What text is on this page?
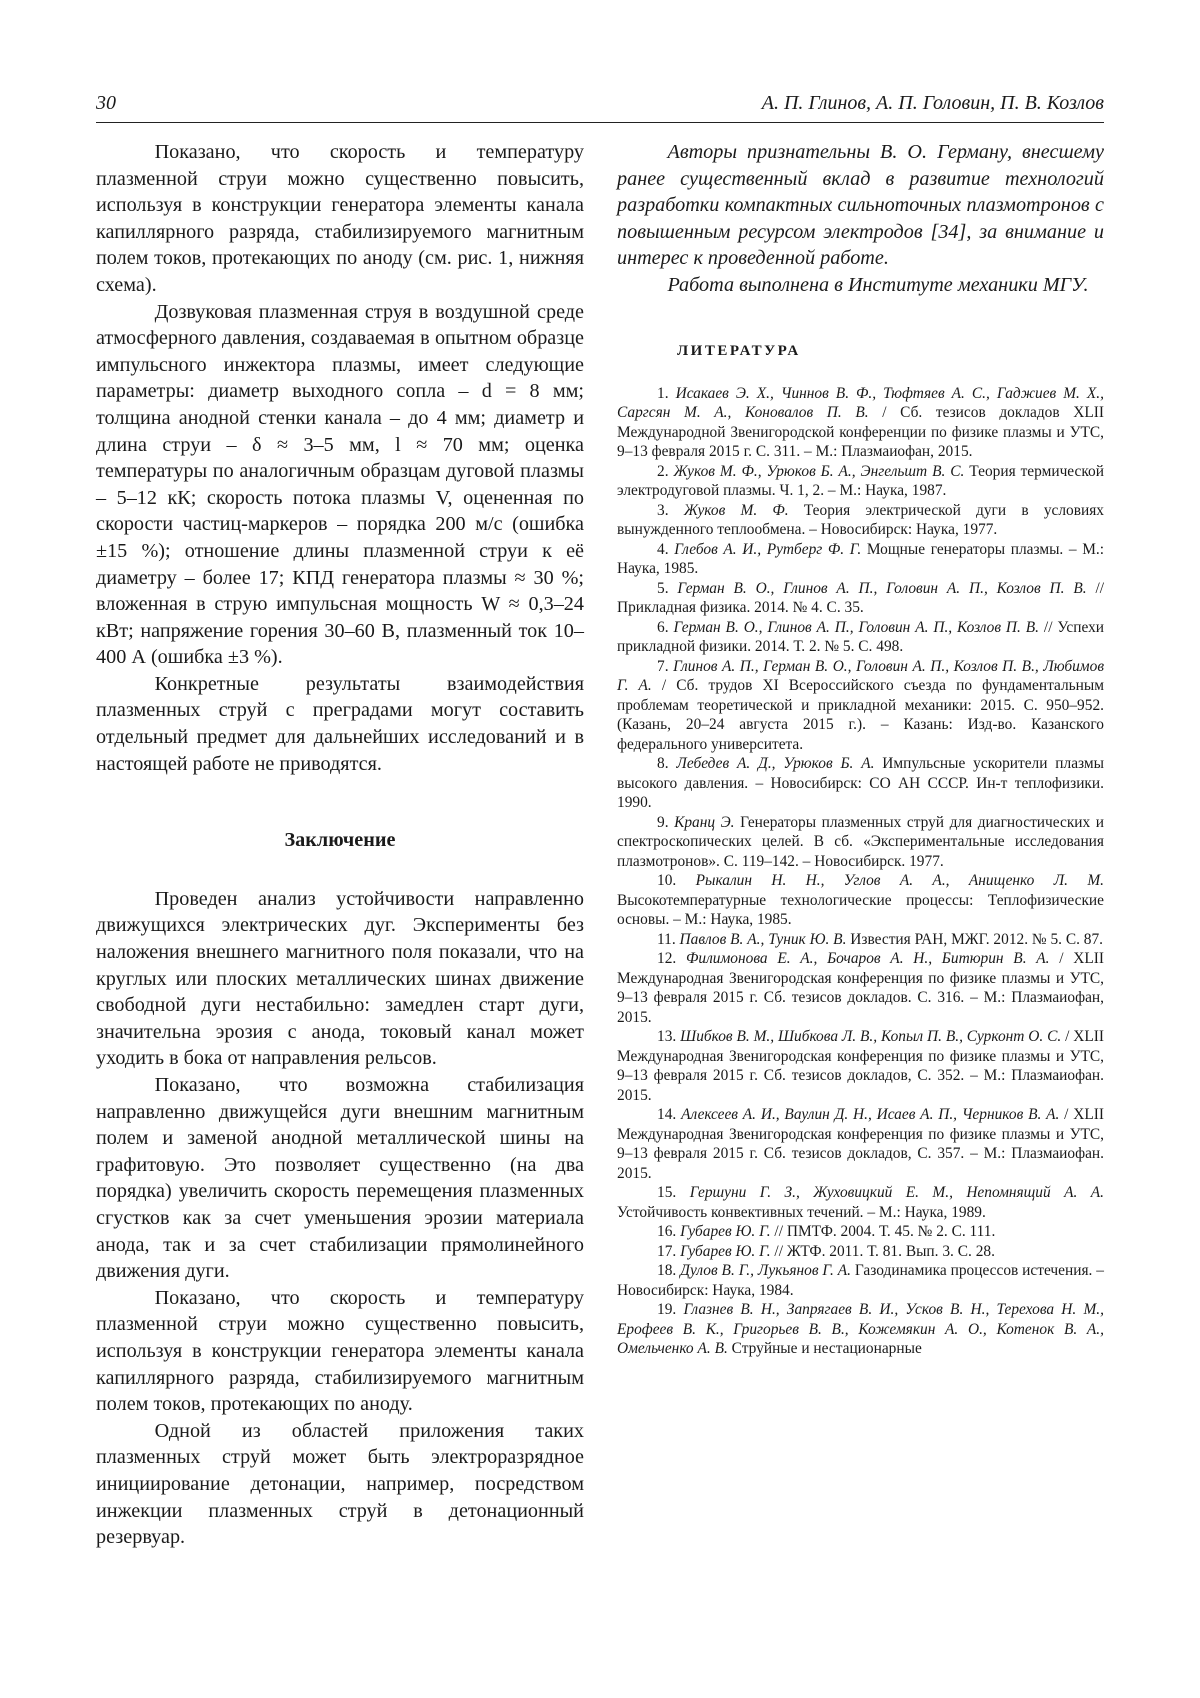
30	А. П. Глинов, А. П. Головин, П. В. Козлов

Показано, что скорость и температуру плазменной струи можно существенно повысить, используя в конструкции генератора элементы канала капиллярного разряда, стабилизируемого магнитным полем токов, протекающих по аноду (см. рис. 1, нижняя схема).

Дозвуковая плазменная струя в воздушной среде атмосферного давления, создаваемая в опытном образце импульсного инжектора плазмы, имеет следующие параметры: диаметр выходного сопла – d = 8 мм; толщина анодной стенки канала – до 4 мм; диаметр и длина струи – δ ≈ 3–5 мм, l ≈ 70 мм; оценка температуры по аналогичным образцам дуговой плазмы – 5–12 кК; скорость потока плазмы V, оцененная по скорости частиц-маркеров – порядка 200 м/с (ошибка ±15 %); отношение длины плазменной струи к её диаметру – более 17; КПД генератора плазмы ≈ 30 %; вложенная в струю импульсная мощность W ≈ 0,3–24 кВт; напряжение горения 30–60 В, плазменный ток 10–400 А (ошибка ±3 %).

Конкретные результаты взаимодействия плазменных струй с преградами могут составить отдельный предмет для дальнейших исследований и в настоящей работе не приводятся.

Заключение

Проведен анализ устойчивости направленно движущихся электрических дуг. Эксперименты без наложения внешнего магнитного поля показали, что на круглых или плоских металлических шинах движение свободной дуги нестабильно: замедлен старт дуги, значительна эрозия с анода, токовый канал может уходить в бока от направления рельсов.

Показано, что возможна стабилизация направленно движущейся дуги внешним магнитным полем и заменой анодной металлической шины на графитовую. Это позволяет существенно (на два порядка) увеличить скорость перемещения плазменных сгустков как за счет уменьшения эрозии материала анода, так и за счет стабилизации прямолинейного движения дуги.

Показано, что скорость и температуру плазменной струи можно существенно повысить, используя в конструкции генератора элементы канала капиллярного разряда, стабилизируемого магнитным полем токов, протекающих по аноду.

Одной из областей приложения таких плазменных струй может быть электроразрядное инициирование детонации, например, посредством инжекции плазменных струй в детонационный резервуар.

Авторы признательны В. О. Герману, внесшему ранее существенный вклад в развитие технологий разработки компактных сильноточных плазмотронов с повышенным ресурсом электродов [34], за внимание и интерес к проведенной работе.

Работа выполнена в Институте механики МГУ.

ЛИТЕРАТУРА

1. Исакаев Э. Х., Чиннов В. Ф., Тюфтяев А. С., Гаджиев М. Х., Саргсян М. А., Коновалов П. В. / Сб. тезисов докладов XLII Международной Звенигородской конференции по физике плазмы и УТС, 9–13 февраля 2015 г. С. 311. – М.: Плазмаиофан, 2015.

2. Жуков М. Ф., Урюков Б. А., Энгельшт В. С. Теория термической электродуговой плазмы. Ч. 1, 2. – М.: Наука, 1987.

3. Жуков М. Ф. Теория электрической дуги в условиях вынужденного теплообмена. – Новосибирск: Наука, 1977.

4. Глебов А. И., Рутберг Ф. Г. Мощные генераторы плазмы. – М.: Наука, 1985.

5. Герман В. О., Глинов А. П., Головин А. П., Козлов П. В. // Прикладная физика. 2014. № 4. С. 35.

6. Герман В. О., Глинов А. П., Головин А. П., Козлов П. В. // Успехи прикладной физики. 2014. Т. 2. № 5. С. 498.

7. Глинов А. П., Герман В. О., Головин А. П., Козлов П. В., Любимов Г. А. / Сб. трудов XI Всероссийского съезда по фундаментальным проблемам теоретической и прикладной механики: 2015. С. 950–952. (Казань, 20–24 августа 2015 г.). – Казань: Изд-во. Казанского федерального университета.

8. Лебедев А. Д., Урюков Б. А. Импульсные ускорители плазмы высокого давления. – Новосибирск: СО АН СССР. Ин-т теплофизики. 1990.

9. Кранц Э. Генераторы плазменных струй для диагностических и спектроскопических целей. В сб. «Экспериментальные исследования плазмотронов». С. 119–142. – Новосибирск. 1977.

10. Рыкалин Н. Н., Углов А. А., Анищенко Л. М. Высокотемпературные технологические процессы: Теплофизические основы. – М.: Наука, 1985.

11. Павлов В. А., Туник Ю. В. Известия РАН, МЖГ. 2012. № 5. С. 87.

12. Филимонова Е. А., Бочаров А. Н., Битюрин В. А. / XLII Международная Звенигородская конференция по физике плазмы и УТС, 9–13 февраля 2015 г. Сб. тезисов докладов. С. 316. – М.: Плазмаиофан, 2015.

13. Шибков В. М., Шибкова Л. В., Копыл П. В., Сурконт О. С. / XLII Международная Звенигородская конференция по физике плазмы и УТС, 9–13 февраля 2015 г. Сб. тезисов докладов, С. 352. – М.: Плазмаиофан. 2015.

14. Алексеев А. И., Ваулин Д. Н., Исаев А. П., Черников В. А. / XLII Международная Звенигородская конференция по физике плазмы и УТС, 9–13 февраля 2015 г. Сб. тезисов докладов, С. 357. – М.: Плазмаиофан. 2015.

15. Гершуни Г. З., Жуховицкий Е. М., Непомнящий А. А. Устойчивость конвективных течений. – М.: Наука, 1989.

16. Губарев Ю. Г. // ПМТФ. 2004. Т. 45. № 2. С. 111.

17. Губарев Ю. Г. // ЖТФ. 2011. Т. 81. Вып. 3. С. 28.

18. Дулов В. Г., Лукьянов Г. А. Газодинамика процессов истечения. – Новосибирск: Наука, 1984.

19. Глазнев В. Н., Запрягаев В. И., Усков В. Н., Терехова Н. М., Ерофеев В. К., Григорьев В. В., Кожемякин А. О., Котенок В. А., Омельченко А. В. Струйные и нестационарные
